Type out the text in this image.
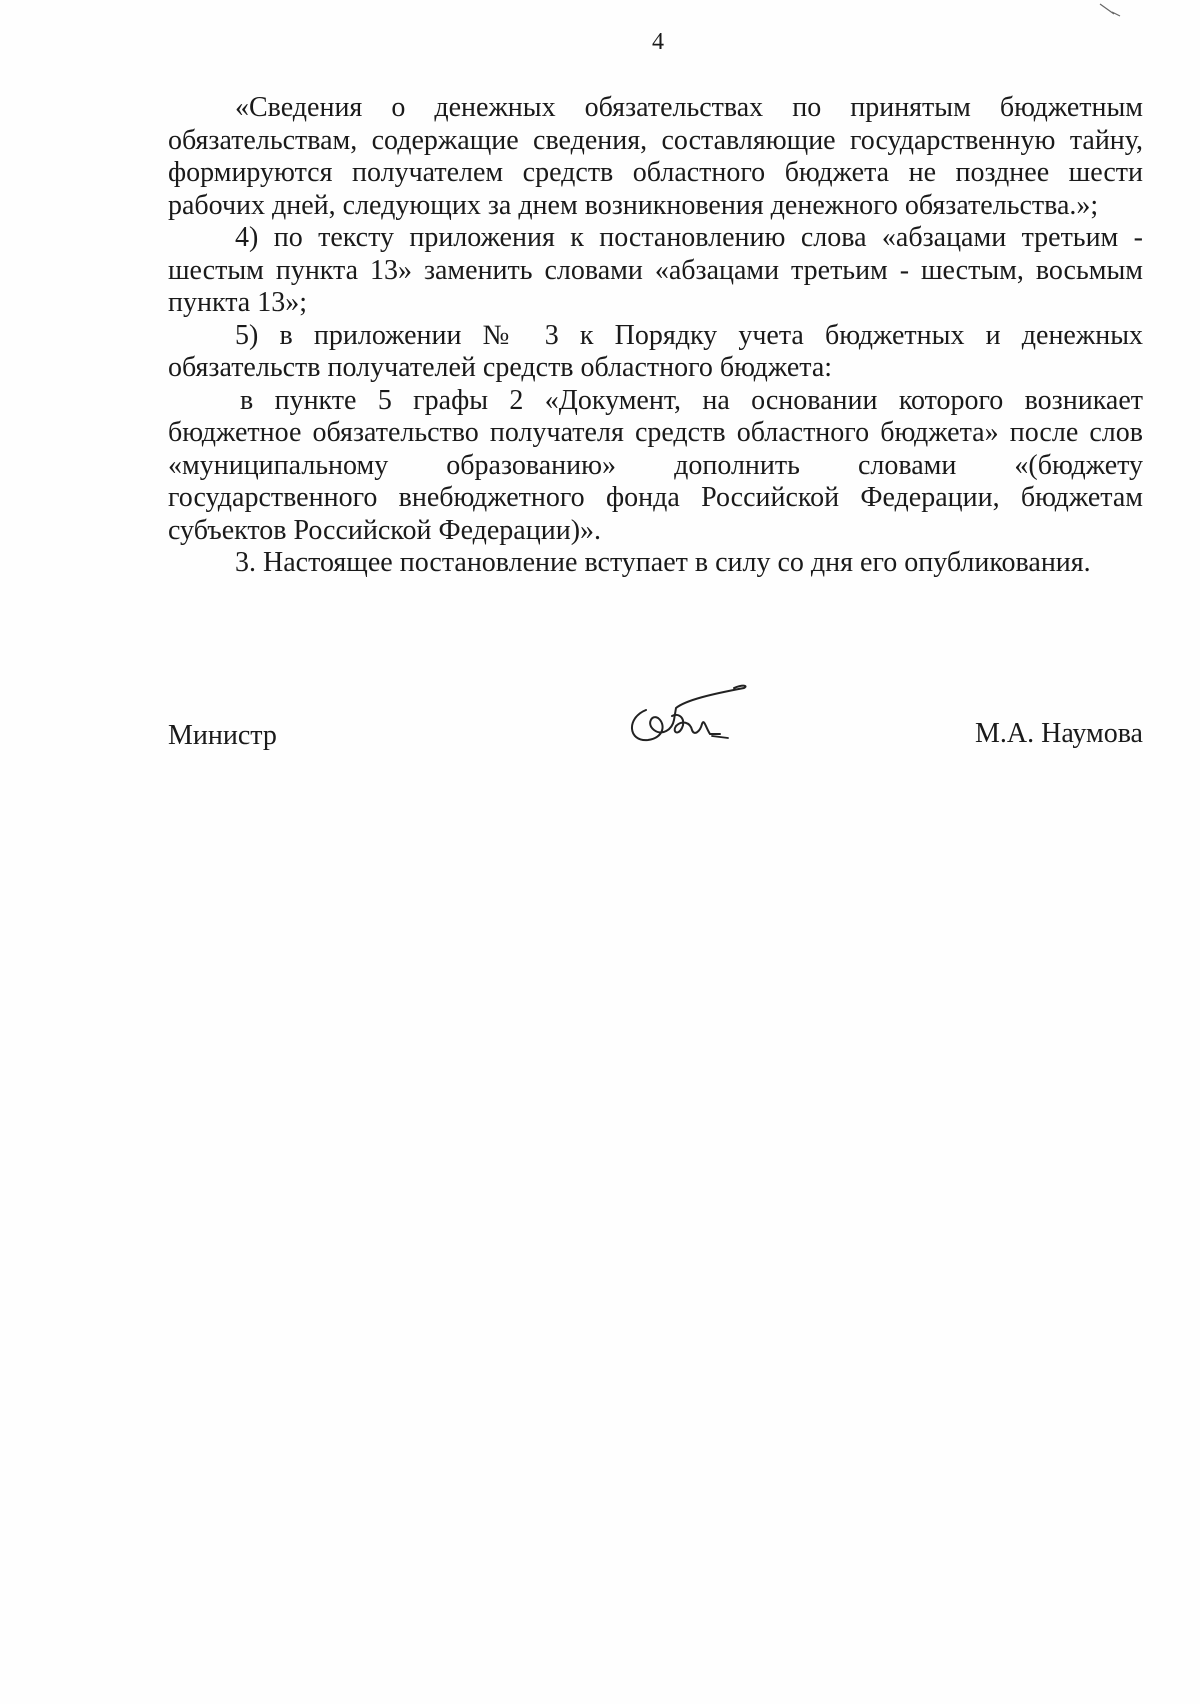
4

«Сведения о денежных обязательствах по принятым бюджетным обязательствам, содержащие сведения, составляющие государственную тайну, формируются получателем средств областного бюджета не позднее шести рабочих дней, следующих за днем возникновения денежного обязательства.»;

4) по тексту приложения к постановлению слова «абзацами третьим - шестым пункта 13» заменить словами «абзацами третьим - шестым, восьмым пункта 13»;

5) в приложении № 3 к Порядку учета бюджетных и денежных обязательств получателей средств областного бюджета:

в пункте 5 графы 2 «Документ, на основании которого возникает бюджетное обязательство получателя средств областного бюджета» после слов «муниципальному образованию» дополнить словами «(бюджету государственного внебюджетного фонда Российской Федерации, бюджетам субъектов Российской Федерации)».

3. Настоящее постановление вступает в силу со дня его опубликования.

Министр	М.А. Наумова
